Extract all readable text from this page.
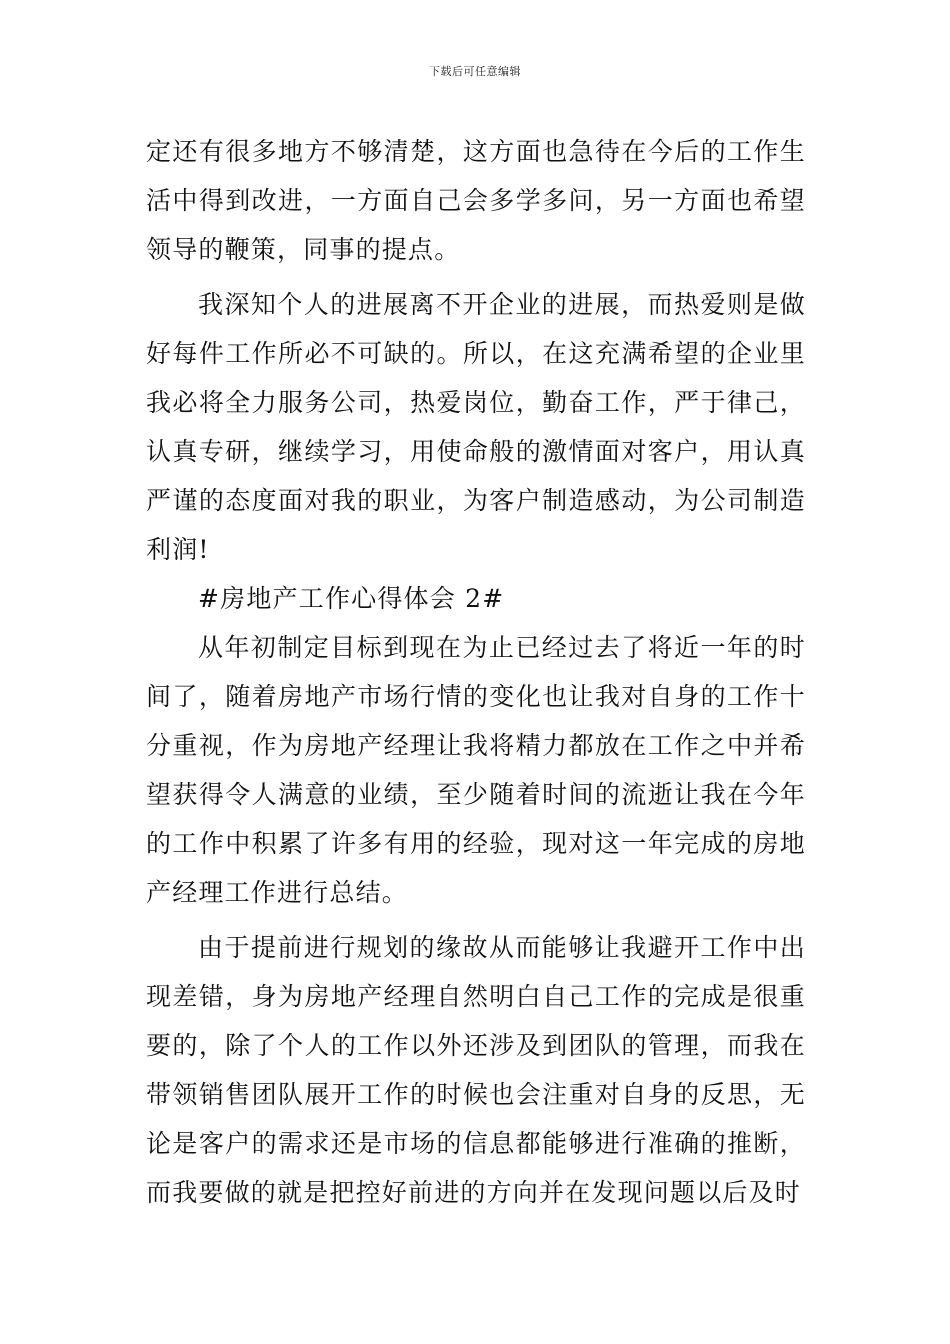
下载后可任意编辑

定还有很多地方不够清楚，这方面也急待在今后的工作生活中得到改进，一方面自己会多学多问，另一方面也希望领导的鞭策，同事的提点。

我深知个人的进展离不开企业的进展，而热爱则是做好每件工作所必不可缺的。所以，在这充满希望的企业里我必将全力服务公司，热爱岗位，勤奋工作，严于律己，认真专研，继续学习，用使命般的激情面对客户，用认真严谨的态度面对我的职业，为客户制造感动，为公司制造利润!

#房地产工作心得体会 2#

从年初制定目标到现在为止已经过去了将近一年的时间了，随着房地产市场行情的变化也让我对自身的工作十分重视，作为房地产经理让我将精力都放在工作之中并希望获得令人满意的业绩，至少随着时间的流逝让我在今年的工作中积累了许多有用的经验，现对这一年完成的房地产经理工作进行总结。

由于提前进行规划的缘故从而能够让我避开工作中出现差错，身为房地产经理自然明白自己工作的完成是很重要的，除了个人的工作以外还涉及到团队的管理，而我在带领销售团队展开工作的时候也会注重对自身的反思，无论是客户的需求还是市场的信息都能够进行准确的推断，而我要做的就是把控好前进的方向并在发现问题以后及时
